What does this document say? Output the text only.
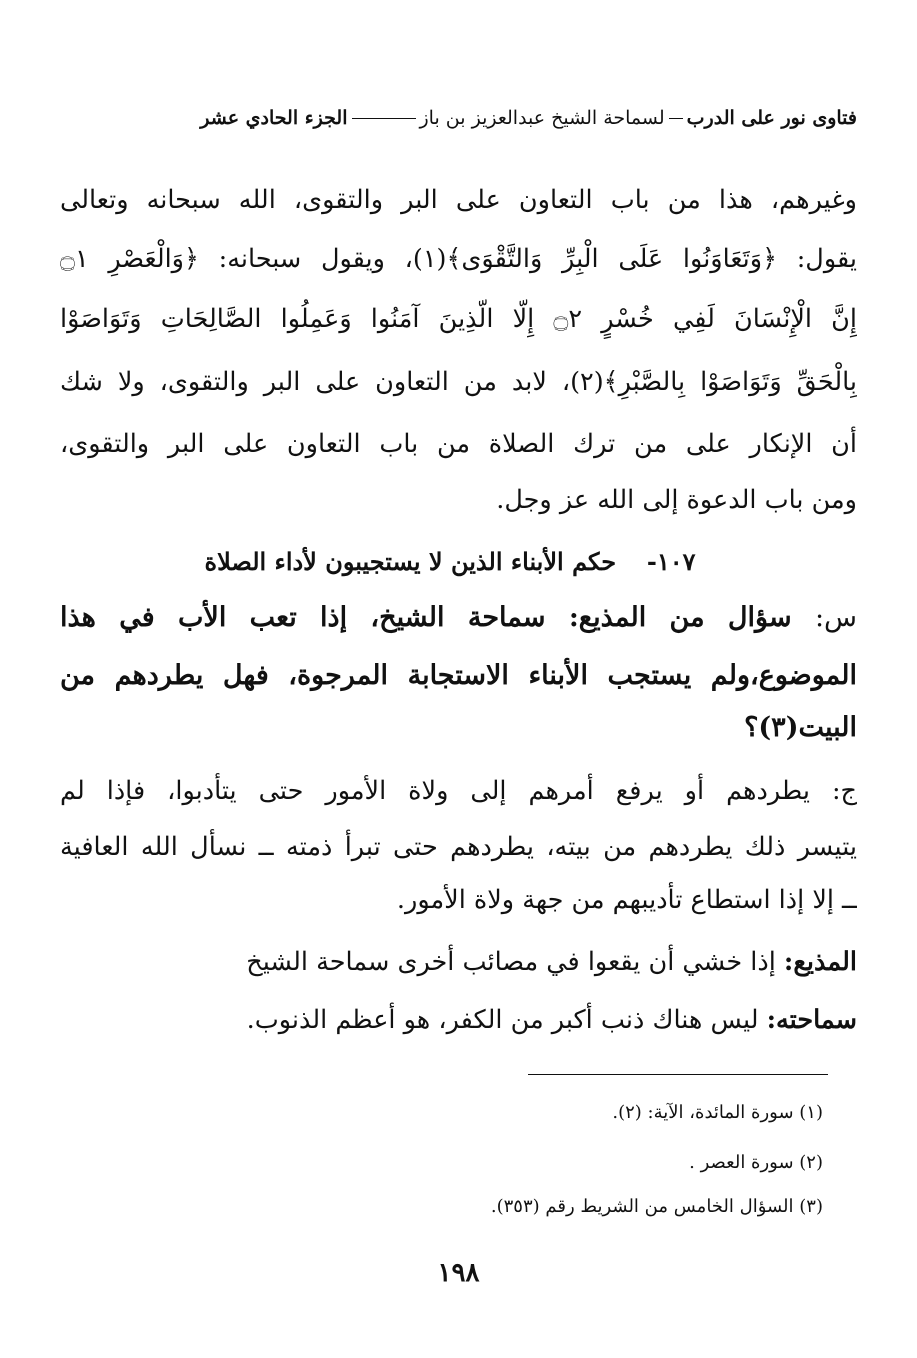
فتاوى نور على الدرب
لسماحة الشيخ عبدالعزيز بن باز
الجزء الحادي عشر
وغيرهم، هذا من باب التعاون على البر والتقوى، الله سبحانه وتعالى
يقول: ﴿وَتَعَاوَنُوا عَلَى الْبِرِّ وَالتَّقْوَى﴾(١)، ويقول سبحانه: ﴿وَالْعَصْرِ ۝١
إِنَّ الْإِنْسَانَ لَفِي خُسْرٍ ۝٢ إِلَّا الَّذِينَ آمَنُوا وَعَمِلُوا الصَّالِحَاتِ وَتَوَاصَوْا
بِالْحَقِّ وَتَوَاصَوْا بِالصَّبْرِ﴾(٢)، لابد من التعاون على البر والتقوى، ولا شك
أن الإنكار على من ترك الصلاة من باب التعاون على البر والتقوى،
ومن باب الدعوة إلى الله عز وجل.
١٠٧-  حكم الأبناء الذين لا يستجيبون لأداء الصلاة
س: سؤال من المذيع: سماحة الشيخ، إذا تعب الأب في هذا
الموضوع،ولم يستجب الأبناء الاستجابة المرجوة، فهل يطردهم من
البيت(٣)؟
ج: يطردهم أو يرفع أمرهم إلى ولاة الأمور حتى يتأدبوا، فإذا لم
يتيسر ذلك يطردهم من بيته، يطردهم حتى تبرأ ذمته ــ نسأل الله العافية
ــ إلا إذا استطاع تأديبهم من جهة ولاة الأمور.
المذيع: إذا خشي أن يقعوا في مصائب أخرى سماحة الشيخ
سماحته: ليس هناك ذنب أكبر من الكفر، هو أعظم الذنوب.
(١) سورة المائدة، الآية: (٢).
(٢) سورة العصر .
(٣) السؤال الخامس من الشريط رقم (٣٥٣).
١٩٨
